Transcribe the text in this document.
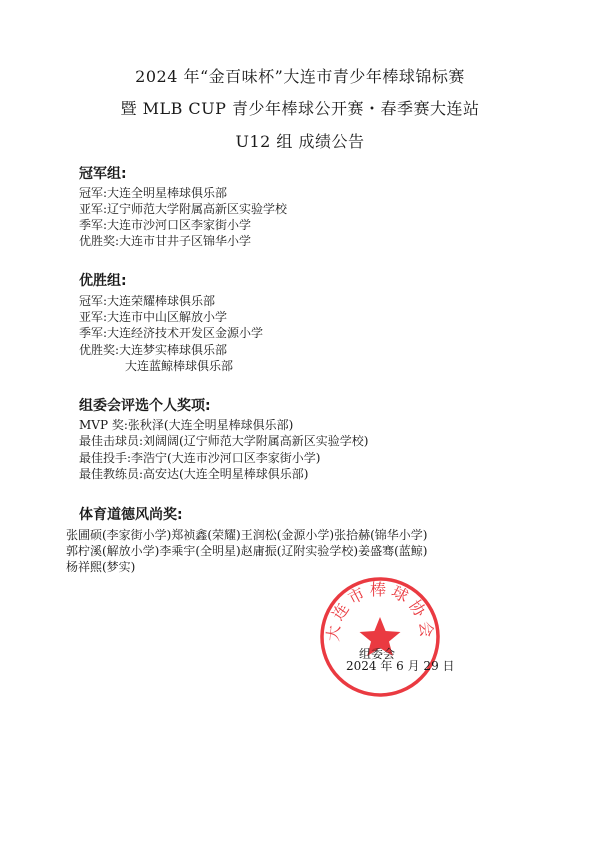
2024 年“金百味杯”大连市青少年棒球锦标赛
暨 MLB CUP 青少年棒球公开赛・春季赛大连站
U12 组 成绩公告
冠军组:
冠军:大连全明星棒球俱乐部
亚军:辽宁师范大学附属高新区实验学校
季军:大连市沙河口区李家街小学
优胜奖:大连市甘井子区锦华小学
优胜组:
冠军:大连荣耀棒球俱乐部
亚军:大连市中山区解放小学
季军:大连经济技术开发区金源小学
优胜奖:大连梦实棒球俱乐部
大连蓝鲸棒球俱乐部
组委会评选个人奖项:
MVP 奖:张秋泽(大连全明星棒球俱乐部)
最佳击球员:刘阔阔(辽宁师范大学附属高新区实验学校)
最佳投手:李浩宁(大连市沙河口区李家街小学)
最佳教练员:高安达(大连全明星棒球俱乐部)
体育道德风尚奖:
张圃硕(李家街小学)郑祯鑫(荣耀)王润松(金源小学)张拾赫(锦华小学)
郭柠溪(解放小学)李乘宇(全明星)赵庸振(辽附实验学校)姜盛骞(蓝鲸)
杨祥熙(梦实)
大连市棒球协会
组委会
2024 年 6 月 29 日
